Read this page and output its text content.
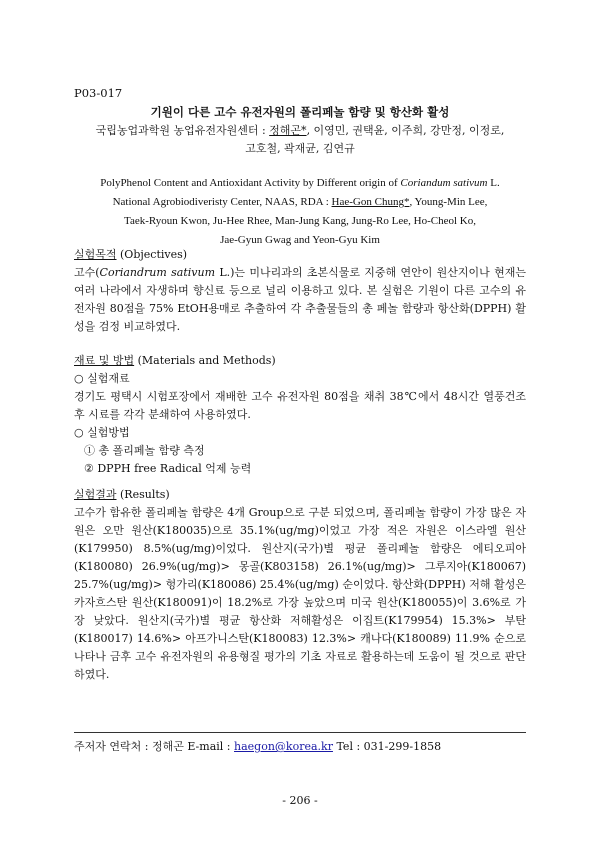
P03-017
기원이 다른 고수 유전자원의 폴리페놀 함량 및 항산화 활성
국립농업과학원 농업유전자원센터 : 정해곤*, 이영민, 권택윤, 이주희, 강만정, 이정로,
고호철, 곽재균, 김연규
PolyPhenol Content and Antioxidant Activity by Different origin of Coriandum sativum L.
National Agrobiodiveristy Center, NAAS, RDA : Hae-Gon Chung*, Young-Min Lee,
Taek-Ryoun Kwon, Ju-Hee Rhee, Man-Jung Kang, Jung-Ro Lee, Ho-Cheol Ko,
Jae-Gyun Gwag and Yeon-Gyu Kim
실험목적 (Objectives)
고수(Coriandrum sativum L.)는 미나리과의 초본식물로 지중해 연안이 원산지이나 현재는 여러 나라에서 자생하며 향신료 등으로 널리 이용하고 있다. 본 실험은 기원이 다른 고수의 유전자원 80점을 75% EtOH용매로 추출하여 각 추출물들의 총 페놀 함량과 항산화(DPPH) 활성을 검정 비교하였다.
재료 및 방법 (Materials and Methods)
○ 실험재료
경기도 평택시 시험포장에서 재배한 고수 유전자원 80점을 채취 38℃에서 48시간 열풍건조 후 시료를 각각 분쇄하여 사용하였다.
○ 실험방법
① 총 폴리페놀 함량 측정
② DPPH free Radical 억제 능력
실험결과 (Results)
고수가 함유한 폴리페놀 함량은 4개 Group으로 구분 되었으며, 폴리페놀 함량이 가장 많은 자원은 오만 원산(K180035)으로 35.1%(ug/mg)이었고 가장 적은 자원은 이스라엘 원산(K179950) 8.5%(ug/mg)이었다. 원산지(국가)별 평균 폴리페놀 함량은 에티오피아(K180080) 26.9%(ug/mg)> 몽골(K803158) 26.1%(ug/mg)> 그루지아(K180067) 25.7%(ug/mg)> 헝가리(K180086) 25.4%(ug/mg) 순이었다. 항산화(DPPH) 저해 활성은 카자흐스탄 원산(K180091)이 18.2%로 가장 높았으며 미국 원산(K180055)이 3.6%로 가장 낮았다. 원산지(국가)별 평균 항산화 저해활성은 이집트(K179954) 15.3%> 부탄(K180017) 14.6%> 아프가니스탄(K180083) 12.3%> 캐나다(K180089) 11.9% 순으로 나타나 금후 고수 유전자원의 유용형질 평가의 기초 자료로 활용하는데 도움이 될 것으로 판단하였다.
주저자 연락처 : 정해곤 E-mail : haegon@korea.kr Tel : 031-299-1858
- 206 -
